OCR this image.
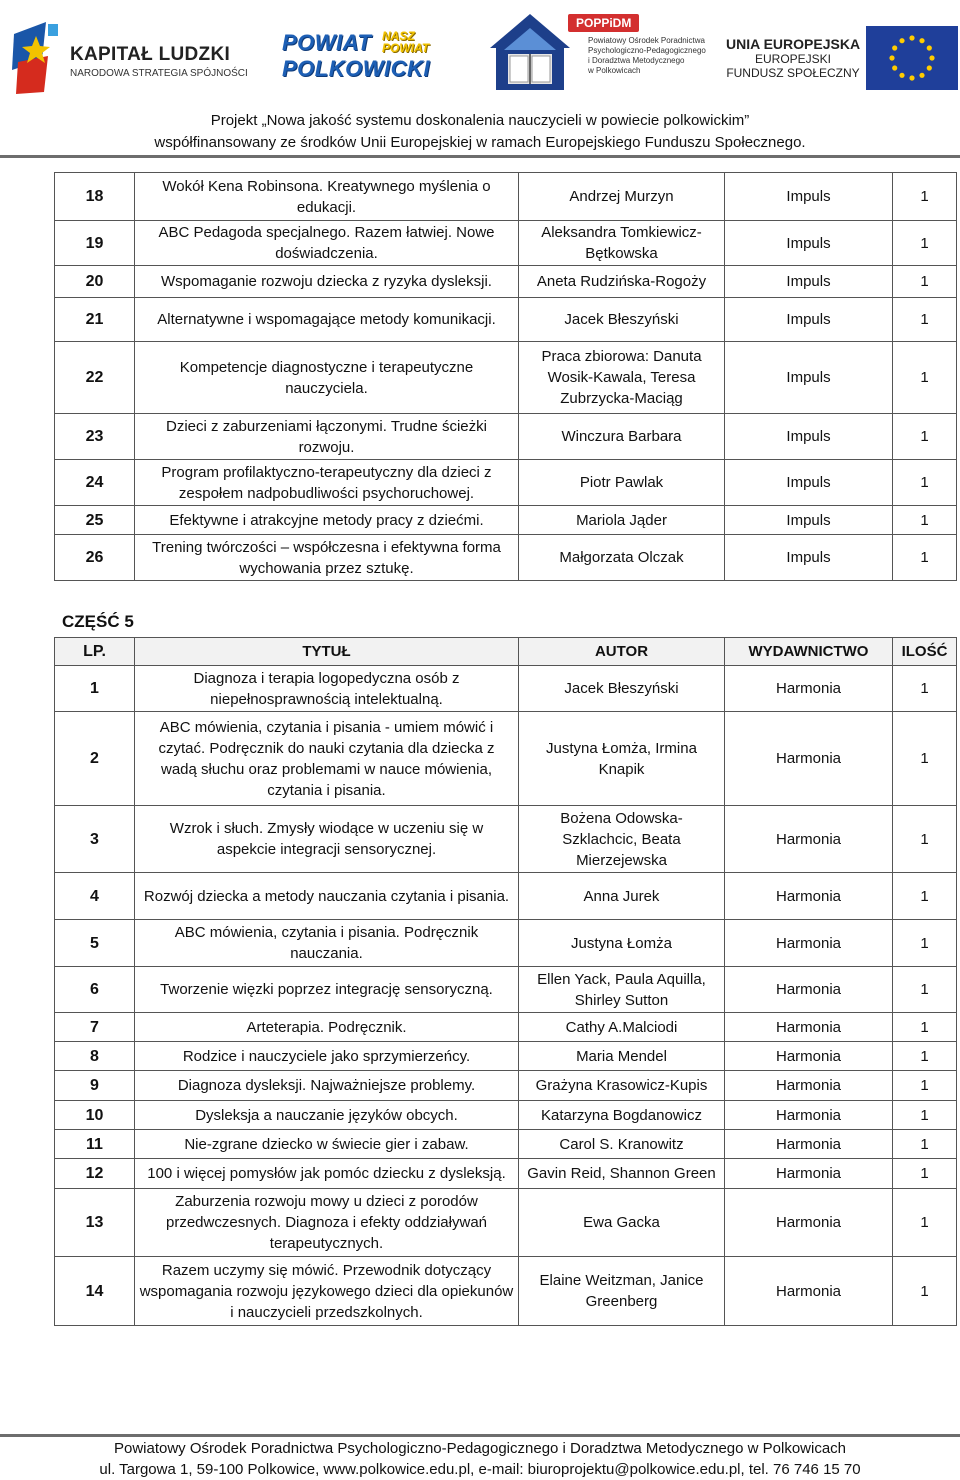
KAPITAŁ LUDZKI
NARODOWA STRATEGIA SPÓJNOŚCI
POWIAT NASZ
POWIAT
POLKOWICKI
POPPiDM
Powiatowy Ośrodek Poradnictwa
Psychologiczno-Pedagogicznego
i Doradztwa Metodycznego
w Polkowicach
UNIA EUROPEJSKA
EUROPEJSKI
FUNDUSZ SPOŁECZNY
Projekt „Nowa jakość systemu doskonalenia nauczycieli w powiecie polkowickim”
współfinansowany ze środków Unii Europejskiej w ramach Europejskiego Funduszu Społecznego.
18	Wokół Kena Robinsona. Kreatywnego myślenia o edukacji.	Andrzej Murzyn	Impuls	1
19	ABC Pedagoda specjalnego. Razem łatwiej. Nowe doświadczenia.	Aleksandra Tomkiewicz-Bętkowska	Impuls	1
20	Wspomaganie rozwoju dziecka z ryzyka dysleksji.	Aneta Rudzińska-Rogoży	Impuls	1
21	Alternatywne i wspomagające metody komunikacji.	Jacek Błeszyński	Impuls	1
22	Kompetencje diagnostyczne i terapeutyczne nauczyciela.	Praca zbiorowa: Danuta Wosik-Kawala, Teresa Zubrzycka-Maciąg	Impuls	1
23	Dzieci z zaburzeniami łączonymi. Trudne ścieżki rozwoju.	Winczura Barbara	Impuls	1
24	Program profilaktyczno-terapeutyczny dla dzieci z zespołem nadpobudliwości psychoruchowej.	Piotr Pawlak	Impuls	1
25	Efektywne i atrakcyjne metody pracy z dziećmi.	Mariola Jąder	Impuls	1
26	Trening twórczości – współczesna i efektywna forma wychowania przez sztukę.	Małgorzata Olczak	Impuls	1
CZĘŚĆ 5
LP.	TYTUŁ	AUTOR	WYDAWNICTWO	ILOŚĆ
1	Diagnoza i terapia logopedyczna osób z niepełnosprawnością intelektualną.	Jacek Błeszyński	Harmonia	1
2	ABC mówienia, czytania i pisania - umiem mówić i czytać. Podręcznik do nauki czytania dla dziecka z wadą słuchu oraz problemami w nauce mówienia, czytania i pisania.	Justyna Łomża, Irmina Knapik	Harmonia	1
3	Wzrok i słuch. Zmysły wiodące w uczeniu się w aspekcie integracji sensorycznej.	Bożena Odowska-Szklachcic, Beata Mierzejewska	Harmonia	1
4	Rozwój dziecka a metody nauczania czytania i pisania.	Anna Jurek	Harmonia	1
5	ABC mówienia, czytania i pisania. Podręcznik nauczania.	Justyna Łomża	Harmonia	1
6	Tworzenie więzki poprzez integrację sensoryczną.	Ellen Yack, Paula Aquilla, Shirley Sutton	Harmonia	1
7	Arteterapia. Podręcznik.	Cathy A.Malciodi	Harmonia	1
8	Rodzice i nauczyciele jako sprzymierzeńcy.	Maria Mendel	Harmonia	1
9	Diagnoza dysleksji. Najważniejsze problemy.	Grażyna Krasowicz-Kupis	Harmonia	1
10	Dysleksja a nauczanie języków obcych.	Katarzyna Bogdanowicz	Harmonia	1
11	Nie-zgrane dziecko w świecie gier i zabaw.	Carol S. Kranowitz	Harmonia	1
12	100 i więcej pomysłów jak pomóc dziecku z dysleksją.	Gavin Reid, Shannon Green	Harmonia	1
13	Zaburzenia rozwoju mowy u dzieci z porodów przedwczesnych. Diagnoza i efekty oddziaływań terapeutycznych.	Ewa Gacka	Harmonia	1
14	Razem uczymy się mówić. Przewodnik dotyczący wspomagania rozwoju językowego dzieci dla opiekunów i nauczycieli przedszkolnych.	Elaine Weitzman, Janice Greenberg	Harmonia	1
Powiatowy Ośrodek Poradnictwa Psychologiczno-Pedagogicznego i Doradztwa Metodycznego w Polkowicach
ul. Targowa 1, 59-100 Polkowice, www.polkowice.edu.pl, e-mail: biuroprojektu@polkowice.edu.pl, tel. 76 746 15 70
